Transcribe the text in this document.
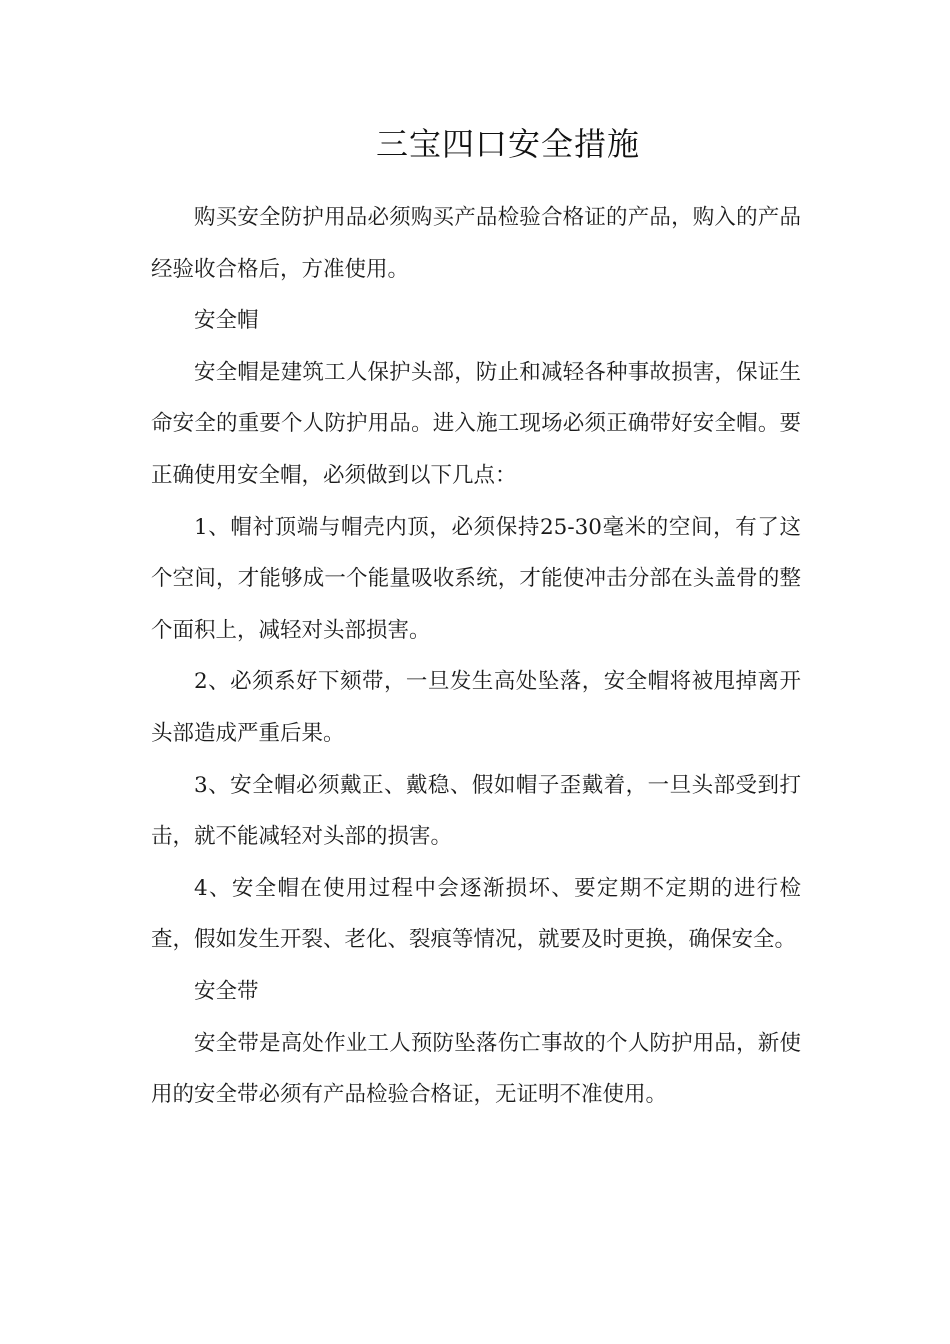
三宝四口安全措施

购买安全防护用品必须购买产品检验合格证的产品，购入的产品经验收合格后，方准使用。

安全帽

安全帽是建筑工人保护头部，防止和减轻各种事故损害，保证生命安全的重要个人防护用品。进入施工现场必须正确带好安全帽。要正确使用安全帽，必须做到以下几点：

1、帽衬顶端与帽壳内顶，必须保持25-30毫米的空间，有了这个空间，才能够成一个能量吸收系统，才能使冲击分部在头盖骨的整个面积上，减轻对头部损害。

2、必须系好下颏带，一旦发生高处坠落，安全帽将被甩掉离开头部造成严重后果。

3、安全帽必须戴正、戴稳、假如帽子歪戴着，一旦头部受到打击，就不能减轻对头部的损害。

4、安全帽在使用过程中会逐渐损坏、要定期不定期的进行检查，假如发生开裂、老化、裂痕等情况，就要及时更换，确保安全。

安全带

安全带是高处作业工人预防坠落伤亡事故的个人防护用品，新使用的安全带必须有产品检验合格证，无证明不准使用。
